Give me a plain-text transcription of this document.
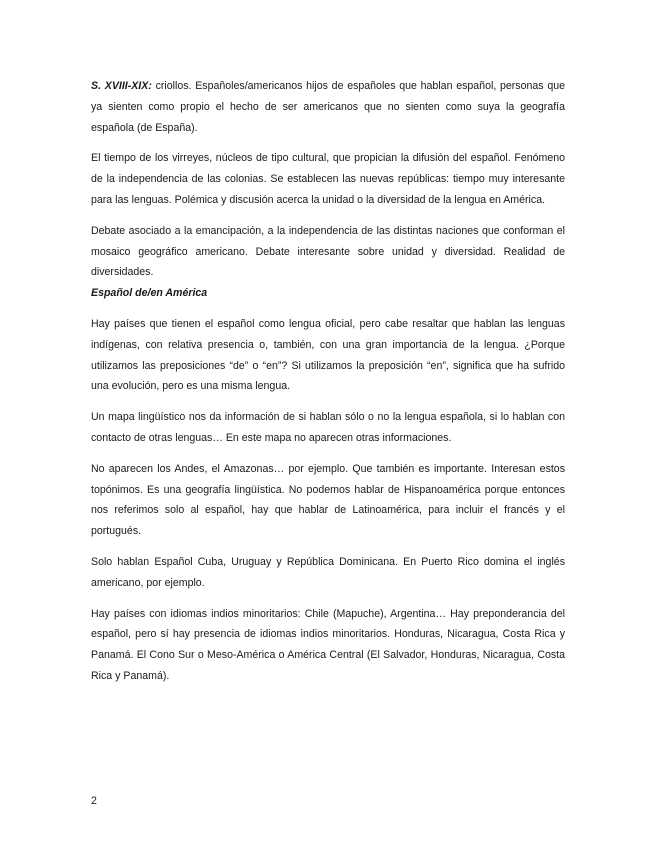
S. XVIII-XIX: criollos. Españoles/americanos hijos de españoles que hablan español, personas que ya sienten como propio el hecho de ser americanos que no sienten como suya la geografía española (de España).

El tiempo de los virreyes, núcleos de tipo cultural, que propician la difusión del español. Fenómeno de la independencia de las colonias. Se establecen las nuevas repúblicas: tiempo muy interesante para las lenguas. Polémica y discusión acerca la unidad o la diversidad de la lengua en América.

Debate asociado a la emancipación, a la independencia de las distintas naciones que conforman el mosaico geográfico americano. Debate interesante sobre unidad y diversidad. Realidad de diversidades.

Español de/en América

Hay países que tienen el español como lengua oficial, pero cabe resaltar que hablan las lenguas indígenas, con relativa presencia o, también, con una gran importancia de la lengua. ¿Porque utilizamos las preposiciones “de” o “en”? Si utilizamos la preposición “en”, significa que ha sufrido una evolución, pero es una misma lengua.

Un mapa lingüístico nos da información de si hablan sólo o no la lengua española, si lo hablan con contacto de otras lenguas… En este mapa no aparecen otras informaciones.

No aparecen los Andes, el Amazonas… por ejemplo. Que también es importante. Interesan estos topónimos. Es una geografía lingüística. No podemos hablar de Hispanoamérica porque entonces nos referimos solo al español, hay que hablar de Latinoamérica, para incluir el francés y el portugués.

Solo hablan Español Cuba, Uruguay y República Dominicana. En Puerto Rico domina el inglés americano, por ejemplo.

Hay países con idiomas indios minoritarios: Chile (Mapuche), Argentina… Hay preponderancia del español, pero sí hay presencia de idiomas indios minoritarios. Honduras, Nicaragua, Costa Rica y Panamá. El Cono Sur o Meso-América o América Central (El Salvador, Honduras, Nicaragua, Costa Rica y Panamá).

2
